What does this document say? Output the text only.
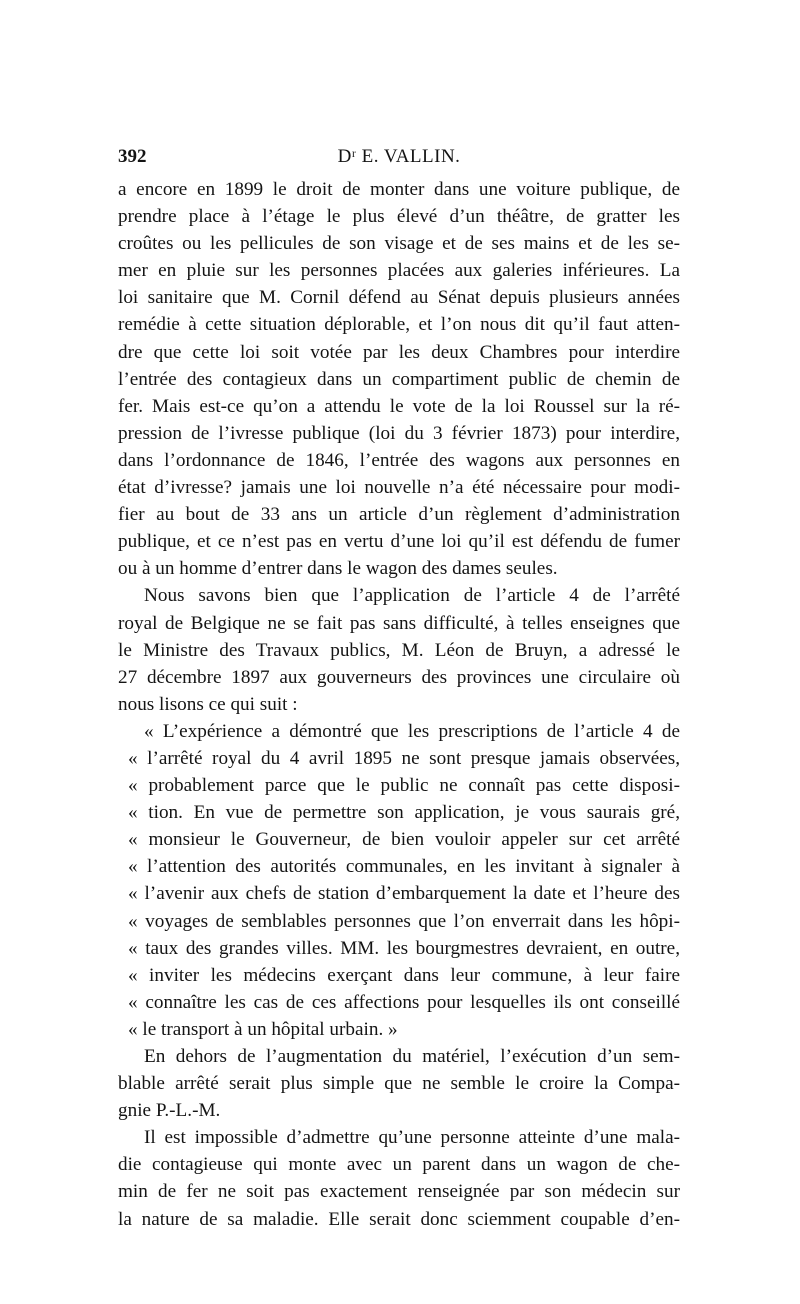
392	Dʳ E. VALLIN.
a encore en 1899 le droit de monter dans une voiture publique, de
prendre place à l’étage le plus élevé d’un théâtre, de gratter les
croûtes ou les pellicules de son visage et de ses mains et de les se-
mer en pluie sur les personnes placées aux galeries inférieures. La
loi sanitaire que M. Cornil défend au Sénat depuis plusieurs années
remédie à cette situation déplorable, et l’on nous dit qu’il faut atten-
dre que cette loi soit votée par les deux Chambres pour interdire
l’entrée des contagieux dans un compartiment public de chemin de
fer. Mais est-ce qu’on a attendu le vote de la loi Roussel sur la ré-
pression de l’ivresse publique (loi du 3 février 1873) pour interdire,
dans l’ordonnance de 1846, l’entrée des wagons aux personnes en
état d’ivresse? jamais une loi nouvelle n’a été nécessaire pour modi-
fier au bout de 33 ans un article d’un règlement d’administration
publique, et ce n’est pas en vertu d’une loi qu’il est défendu de fumer
ou à un homme d’entrer dans le wagon des dames seules.
Nous savons bien que l’application de l’article 4 de l’arrêté
royal de Belgique ne se fait pas sans difficulté, à telles enseignes que
le Ministre des Travaux publics, M. Léon de Bruyn, a adressé le
27 décembre 1897 aux gouverneurs des provinces une circulaire où
nous lisons ce qui suit :
« L’expérience a démontré que les prescriptions de l’article 4 de
« l’arrêté royal du 4 avril 1895 ne sont presque jamais observées,
« probablement parce que le public ne connaît pas cette disposi-
« tion. En vue de permettre son application, je vous saurais gré,
« monsieur le Gouverneur, de bien vouloir appeler sur cet arrêté
« l’attention des autorités communales, en les invitant à signaler à
« l’avenir aux chefs de station d’embarquement la date et l’heure des
« voyages de semblables personnes que l’on enverrait dans les hôpi-
« taux des grandes villes. MM. les bourgmestres devraient, en outre,
« inviter les médecins exerçant dans leur commune, à leur faire
« connaître les cas de ces affections pour lesquelles ils ont conseillé
« le transport à un hôpital urbain. »
En dehors de l’augmentation du matériel, l’exécution d’un sem-
blable arrêté serait plus simple que ne semble le croire la Compa-
gnie P.-L.-M.
Il est impossible d’admettre qu’une personne atteinte d’une mala-
die contagieuse qui monte avec un parent dans un wagon de che-
min de fer ne soit pas exactement renseignée par son médecin sur
la nature de sa maladie. Elle serait donc sciemment coupable d’en-
